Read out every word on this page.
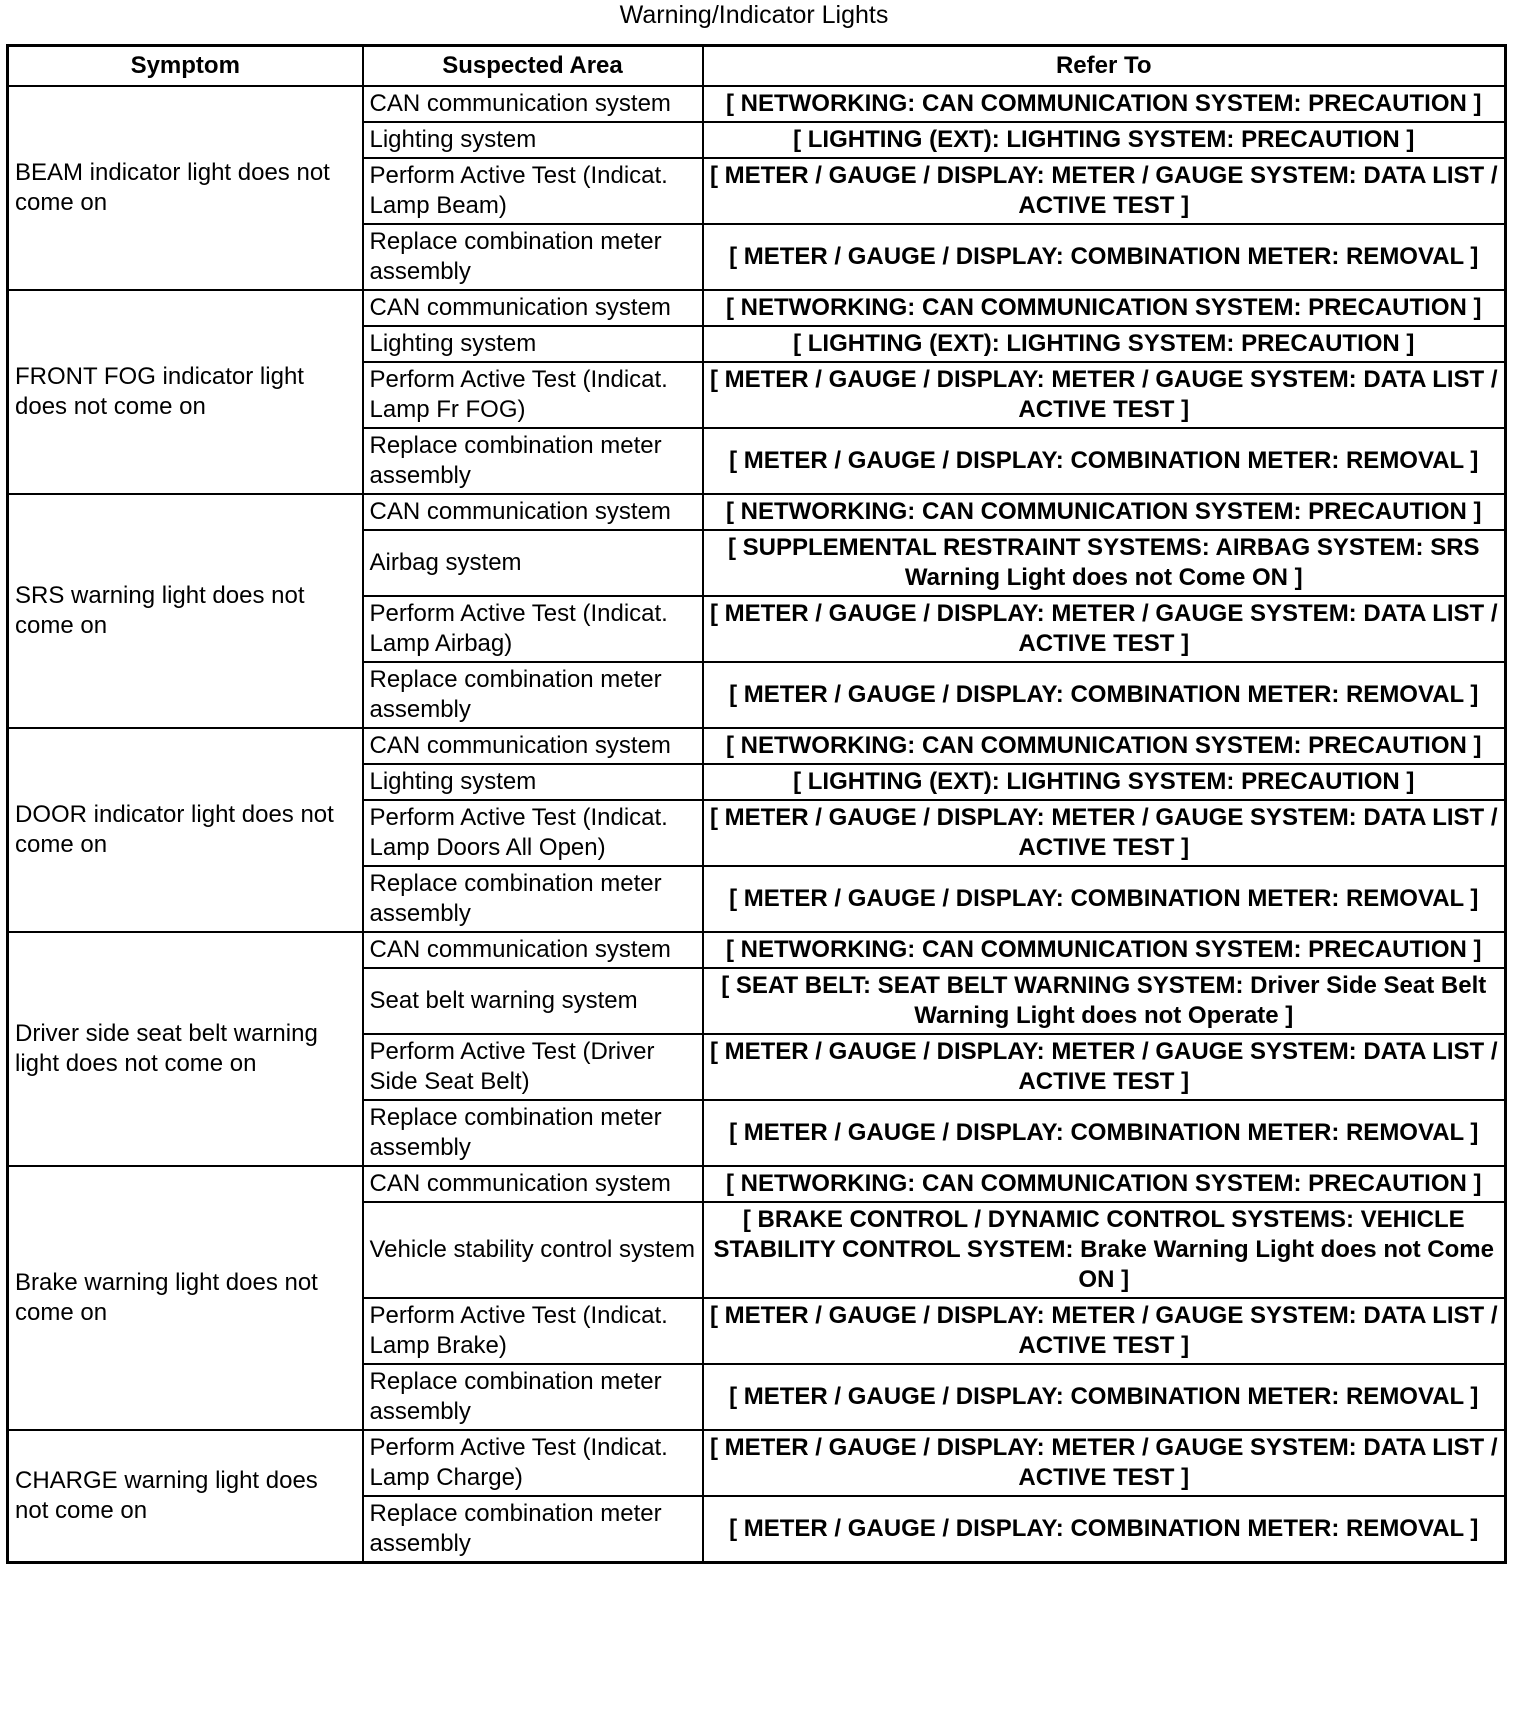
Warning/Indicator Lights
Symptom	Suspected Area	Refer To
BEAM indicator light does not come on	CAN communication system	[ NETWORKING: CAN COMMUNICATION SYSTEM: PRECAUTION ]
	Lighting system	[ LIGHTING (EXT): LIGHTING SYSTEM: PRECAUTION ]
	Perform Active Test (Indicat. Lamp Beam)	[ METER / GAUGE / DISPLAY: METER / GAUGE SYSTEM: DATA LIST / ACTIVE TEST ]
	Replace combination meter assembly	[ METER / GAUGE / DISPLAY: COMBINATION METER: REMOVAL ]
FRONT FOG indicator light does not come on	CAN communication system	[ NETWORKING: CAN COMMUNICATION SYSTEM: PRECAUTION ]
	Lighting system	[ LIGHTING (EXT): LIGHTING SYSTEM: PRECAUTION ]
	Perform Active Test (Indicat. Lamp Fr FOG)	[ METER / GAUGE / DISPLAY: METER / GAUGE SYSTEM: DATA LIST / ACTIVE TEST ]
	Replace combination meter assembly	[ METER / GAUGE / DISPLAY: COMBINATION METER: REMOVAL ]
SRS warning light does not come on	CAN communication system	[ NETWORKING: CAN COMMUNICATION SYSTEM: PRECAUTION ]
	Airbag system	[ SUPPLEMENTAL RESTRAINT SYSTEMS: AIRBAG SYSTEM: SRS Warning Light does not Come ON ]
	Perform Active Test (Indicat. Lamp Airbag)	[ METER / GAUGE / DISPLAY: METER / GAUGE SYSTEM: DATA LIST / ACTIVE TEST ]
	Replace combination meter assembly	[ METER / GAUGE / DISPLAY: COMBINATION METER: REMOVAL ]
DOOR indicator light does not come on	CAN communication system	[ NETWORKING: CAN COMMUNICATION SYSTEM: PRECAUTION ]
	Lighting system	[ LIGHTING (EXT): LIGHTING SYSTEM: PRECAUTION ]
	Perform Active Test (Indicat. Lamp Doors All Open)	[ METER / GAUGE / DISPLAY: METER / GAUGE SYSTEM: DATA LIST / ACTIVE TEST ]
	Replace combination meter assembly	[ METER / GAUGE / DISPLAY: COMBINATION METER: REMOVAL ]
Driver side seat belt warning light does not come on	CAN communication system	[ NETWORKING: CAN COMMUNICATION SYSTEM: PRECAUTION ]
	Seat belt warning system	[ SEAT BELT: SEAT BELT WARNING SYSTEM: Driver Side Seat Belt Warning Light does not Operate ]
	Perform Active Test (Driver Side Seat Belt)	[ METER / GAUGE / DISPLAY: METER / GAUGE SYSTEM: DATA LIST / ACTIVE TEST ]
	Replace combination meter assembly	[ METER / GAUGE / DISPLAY: COMBINATION METER: REMOVAL ]
Brake warning light does not come on	CAN communication system	[ NETWORKING: CAN COMMUNICATION SYSTEM: PRECAUTION ]
	Vehicle stability control system	[ BRAKE CONTROL / DYNAMIC CONTROL SYSTEMS: VEHICLE STABILITY CONTROL SYSTEM: Brake Warning Light does not Come ON ]
	Perform Active Test (Indicat. Lamp Brake)	[ METER / GAUGE / DISPLAY: METER / GAUGE SYSTEM: DATA LIST / ACTIVE TEST ]
	Replace combination meter assembly	[ METER / GAUGE / DISPLAY: COMBINATION METER: REMOVAL ]
CHARGE warning light does not come on	Perform Active Test (Indicat. Lamp Charge)	[ METER / GAUGE / DISPLAY: METER / GAUGE SYSTEM: DATA LIST / ACTIVE TEST ]
	Replace combination meter assembly	[ METER / GAUGE / DISPLAY: COMBINATION METER: REMOVAL ]
